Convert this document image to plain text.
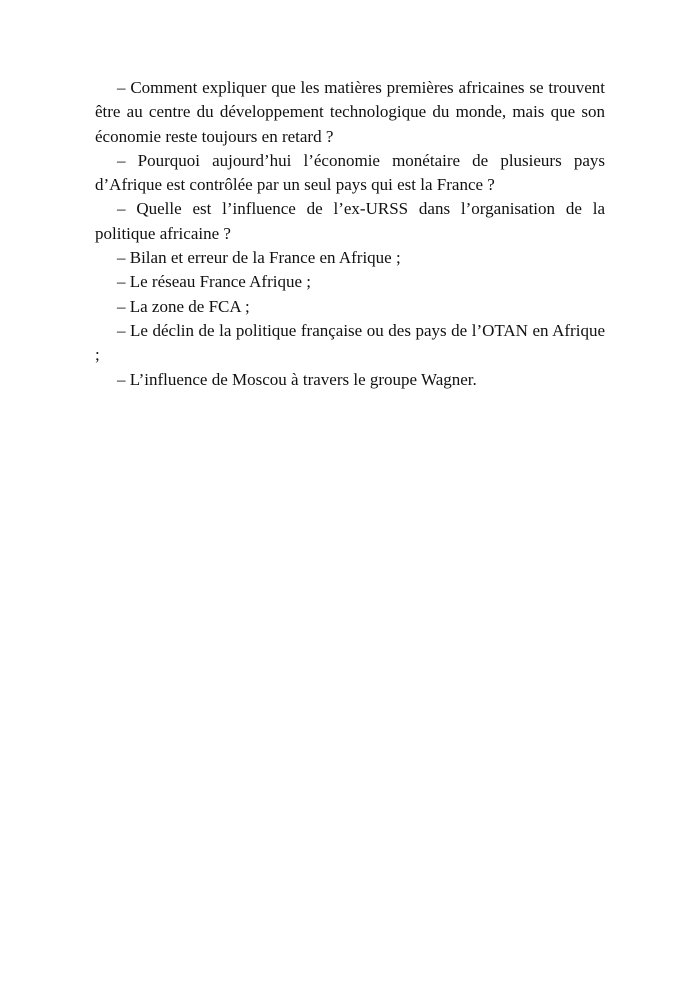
– Comment expliquer que les matières premières africaines se trouvent être au centre du développement technologique du monde, mais que son économie reste toujours en retard ?

– Pourquoi aujourd’hui l’économie monétaire de plusieurs pays d’Afrique est contrôlée par un seul pays qui est la France ?

– Quelle est l’influence de l’ex-URSS dans l’organisation de la politique africaine ?

– Bilan et erreur de la France en Afrique ;

– Le réseau France Afrique ;

– La zone de FCA ;

– Le déclin de la politique française ou des pays de l’OTAN en Afrique ;

– L’influence de Moscou à travers le groupe Wagner.
